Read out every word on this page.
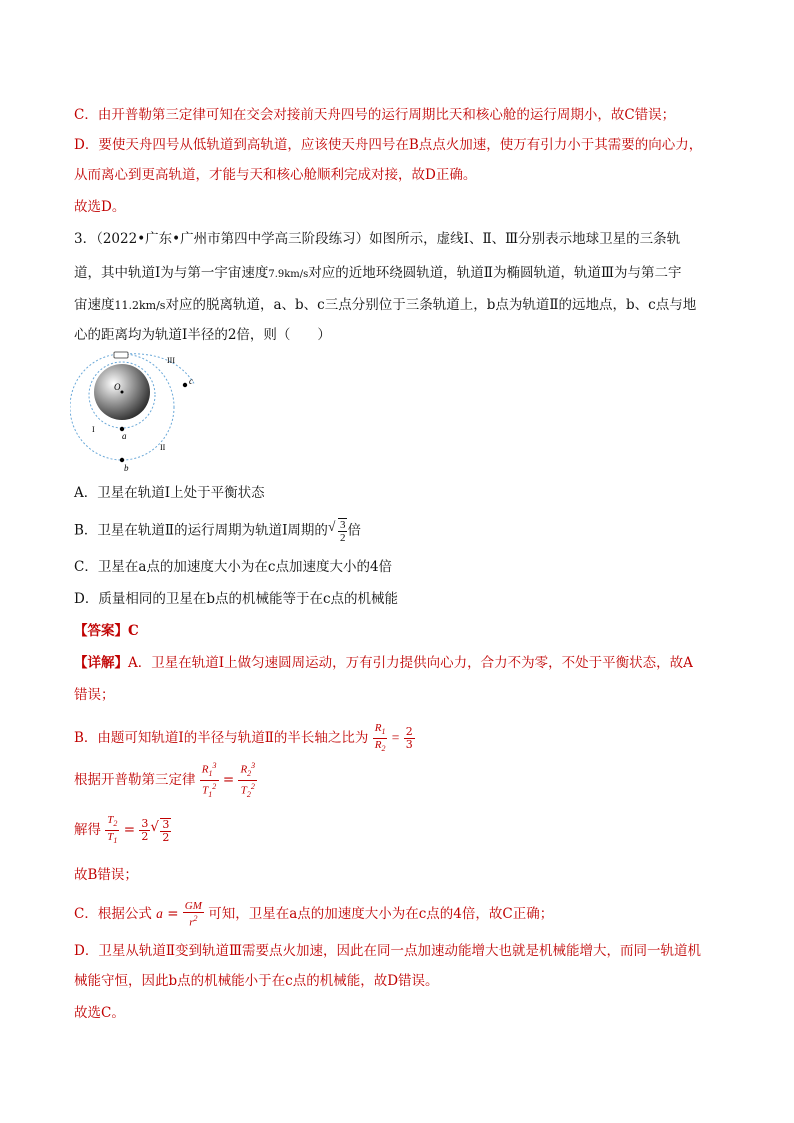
C．由开普勒第三定律可知在交会对接前天舟四号的运行周期比天和核心舱的运行周期小，故C错误；
D．要使天舟四号从低轨道到高轨道，应该使天舟四号在B点点火加速，使万有引力小于其需要的向心力，
从而离心到更高轨道，才能与天和核心舱顺利完成对接，故D正确。
故选D。
3．（2022•广东•广州市第四中学高三阶段练习）如图所示，虚线Ⅰ、Ⅱ、Ⅲ分别表示地球卫星的三条轨
道，其中轨道Ⅰ为与第一宇宙速度7.9km/s对应的近地环绕圆轨道，轨道Ⅱ为椭圆轨道，轨道Ⅲ为与第二宇
宙速度11.2km/s对应的脱离轨道，a、b、c三点分别位于三条轨道上，b点为轨道Ⅱ的远地点，b、c点与地
心的距离均为轨道Ⅰ半径的2倍，则（　　）
O
a
b
c
I
II
III
A．卫星在轨道Ⅰ上处于平衡状态
B．卫星在轨道Ⅱ的运行周期为轨道Ⅰ周期的 √ $\frac{3}{2}$ 倍
C．卫星在a点的加速度大小为在c点加速度大小的4倍
D．质量相同的卫星在b点的机械能等于在c点的机械能
【答案】C
【详解】A．卫星在轨道Ⅰ上做匀速圆周运动，万有引力提供向心力，合力不为零，不处于平衡状态，故A
错误；
B．由题可知轨道Ⅰ的半径与轨道Ⅱ的半长轴之比为 $\frac{R_1}{R_2} = \frac{2}{3}$
根据开普勒第三定律 $\frac{R_1^3}{T_1^2} = \frac{R_2^3}{T_2^2}$
解得 $\frac{T_2}{T_1} = \frac{3}{2}$ √ $\frac{3}{2}$
故B错误；
C．根据公式 $a = \frac{GM}{r^2}$ 可知，卫星在a点的加速度大小为在c点的4倍，故C正确；
D．卫星从轨道Ⅱ变到轨道Ⅲ需要点火加速，因此在同一点加速动能增大也就是机械能增大，而同一轨道机
械能守恒，因此b点的机械能小于在c点的机械能，故D错误。
故选C。
